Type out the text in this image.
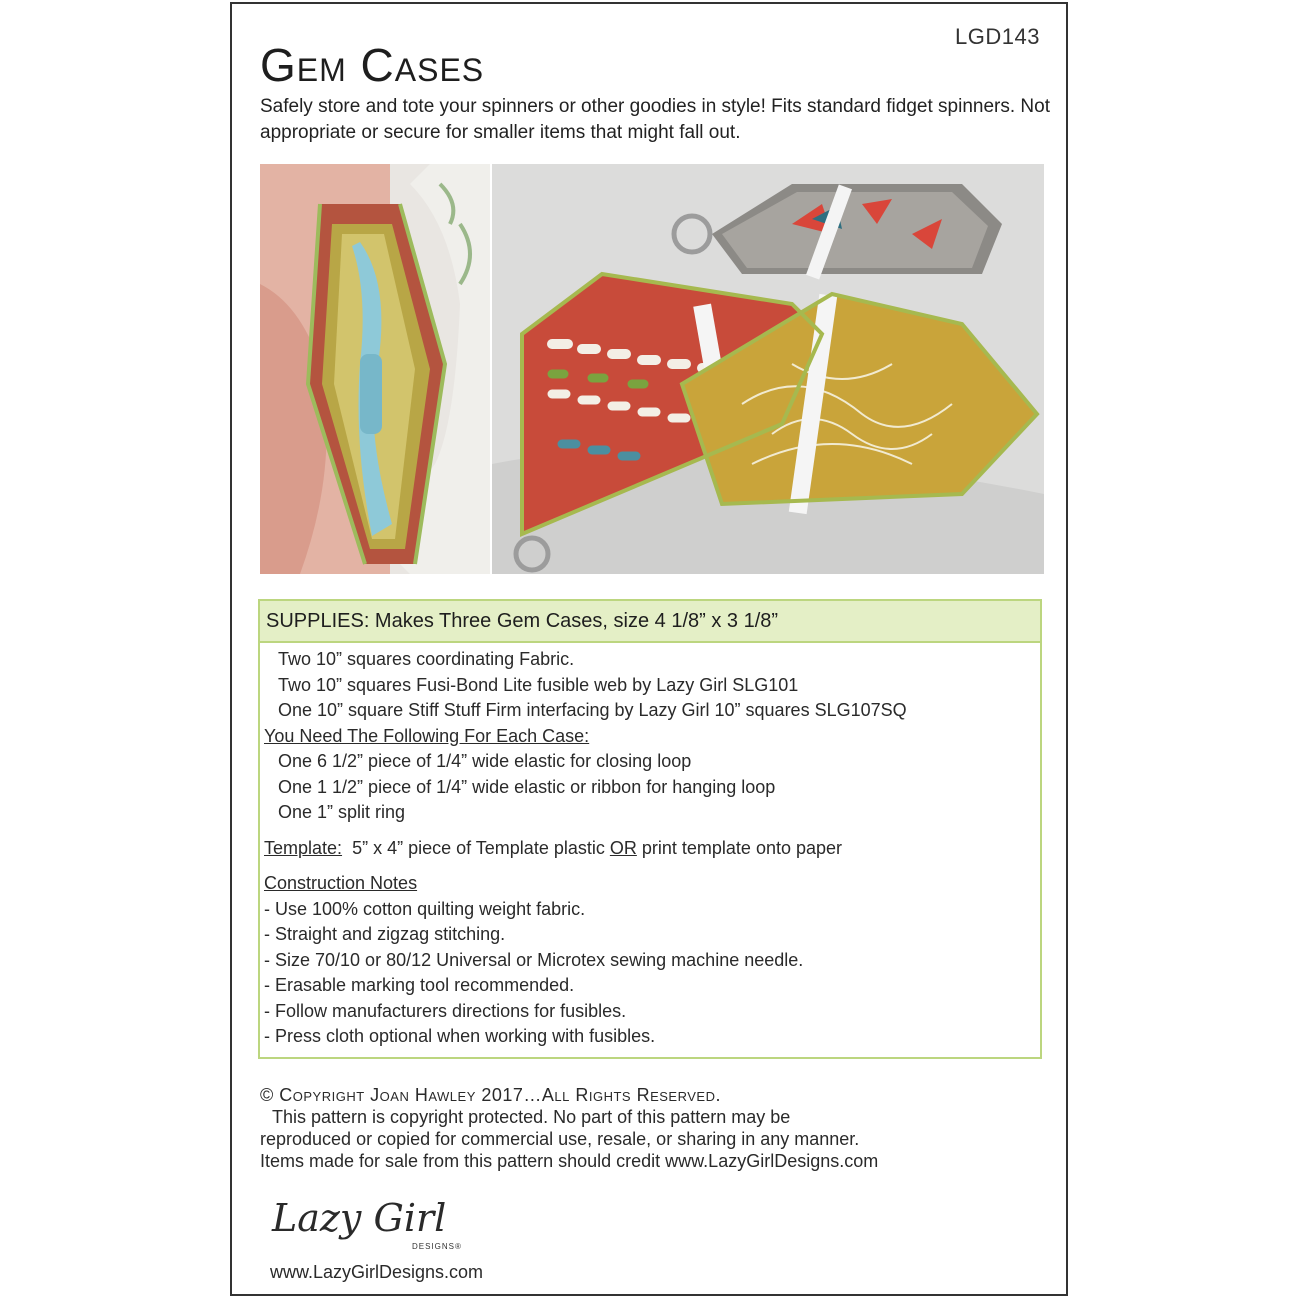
LGD143
Gem Cases

Safely store and tote your spinners or other goodies in style! Fits standard fidget spinners. Not appropriate or secure for smaller items that might fall out.

SUPPLIES: Makes Three Gem Cases, size 4 1/8” x 3 1/8”
Two 10” squares coordinating Fabric.
Two 10” squares Fusi-Bond Lite fusible web by Lazy Girl SLG101
One 10” square Stiff Stuff Firm interfacing by Lazy Girl 10” squares SLG107SQ
You Need The Following For Each Case:
One 6 1/2” piece of 1/4” wide elastic for closing loop
One 1 1/2” piece of 1/4” wide elastic or ribbon for hanging loop
One 1” split ring
Template: 5” x 4” piece of Template plastic OR print template onto paper
Construction Notes
- Use 100% cotton quilting weight fabric.
- Straight and zigzag stitching.
- Size 70/10 or 80/12 Universal or Microtex sewing machine needle.
- Erasable marking tool recommended.
- Follow manufacturers directions for fusibles.
- Press cloth optional when working with fusibles.
© Copyright Joan Hawley 2017…All Rights Reserved.
This pattern is copyright protected. No part of this pattern may be
reproduced or copied for commercial use, resale, or sharing in any manner.
Items made for sale from this pattern should credit www.LazyGirlDesigns.com
Lazy Girl
DESIGNS®
www.LazyGirlDesigns.com
